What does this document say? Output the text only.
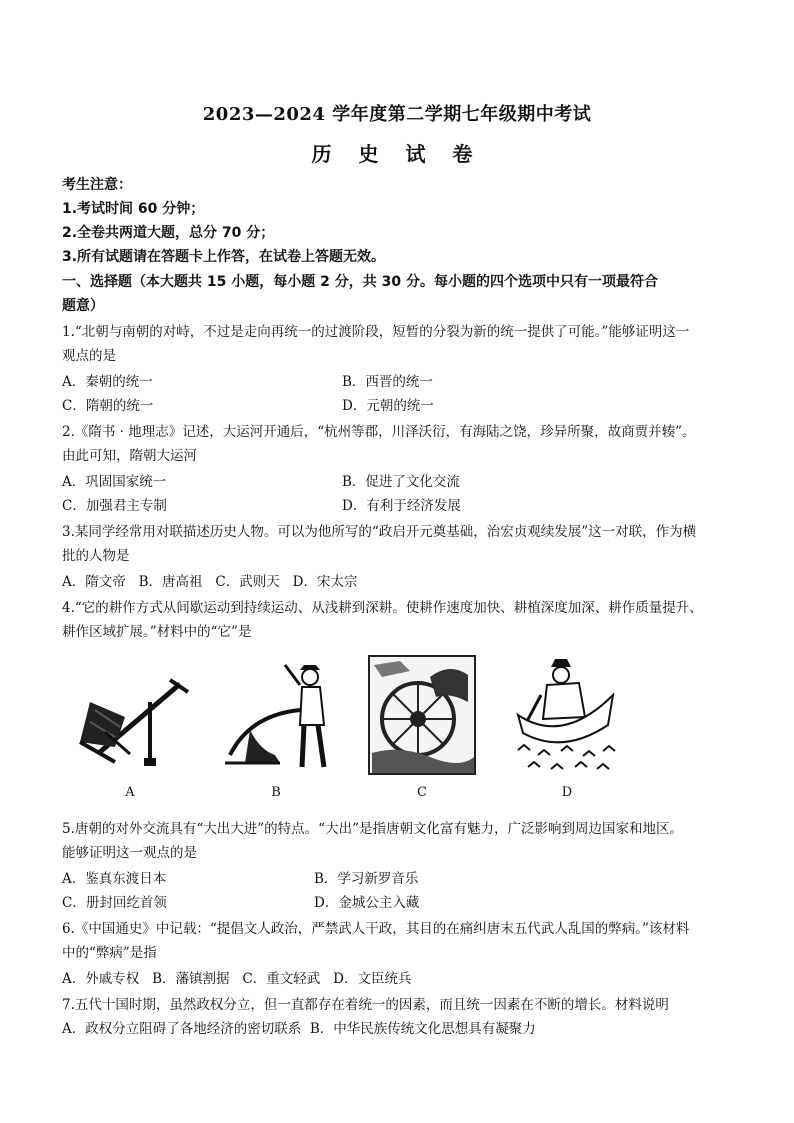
2023—2024 学年度第二学期七年级期中考试
历 史 试 卷
考生注意：
1.考试时间 60 分钟；
2.全卷共两道大题，总分 70 分；
3.所有试题请在答题卡上作答，在试卷上答题无效。
一、选择题（本大题共 15 小题，每小题 2 分，共 30 分。每小题的四个选项中只有一项最符合
题意）
1.“北朝与南朝的对峙，不过是走向再统一的过渡阶段，短暂的分裂为新的统一提供了可能。”能够证明这一
观点的是
A．秦朝的统一	B．西晋的统一
C．隋朝的统一	D．元朝的统一
2.《隋书 · 地理志》记述，大运河开通后，“杭州等郡，川泽沃衍，有海陆之饶，珍异所聚，故商贾并辏”。
由此可知，隋朝大运河
A．巩固国家统一	B．促进了文化交流
C．加强君主专制	D．有利于经济发展
3.某同学经常用对联描述历史人物。可以为他所写的“政启开元奠基础，治宏贞观续发展”这一对联，作为横
批的人物是
A．隋文帝   B．唐高祖   C．武则天   D．宋太宗
4.“它的耕作方式从间歇运动到持续运动、从浅耕到深耕。使耕作速度加快、耕植深度加深、耕作质量提升、
耕作区域扩展。”材料中的“它”是
A	B	C	D
5.唐朝的对外交流具有“大出大进”的特点。“大出”是指唐朝文化富有魅力，广泛影响到周边国家和地区。
能够证明这一观点的是
A．鉴真东渡日本	B．学习新罗音乐
C．册封回纥首领	D．金城公主入藏
6.《中国通史》中记载：“提倡文人政治，严禁武人干政，其目的在痛纠唐末五代武人乱国的弊病。”该材料
中的“弊病”是指
A．外戚专权   B．藩镇割据   C．重文轻武   D．文臣统兵
7.五代十国时期，虽然政权分立，但一直都存在着统一的因素，而且统一因素在不断的增长。材料说明
A．政权分立阻碍了各地经济的密切联系  B．中华民族传统文化思想具有凝聚力
